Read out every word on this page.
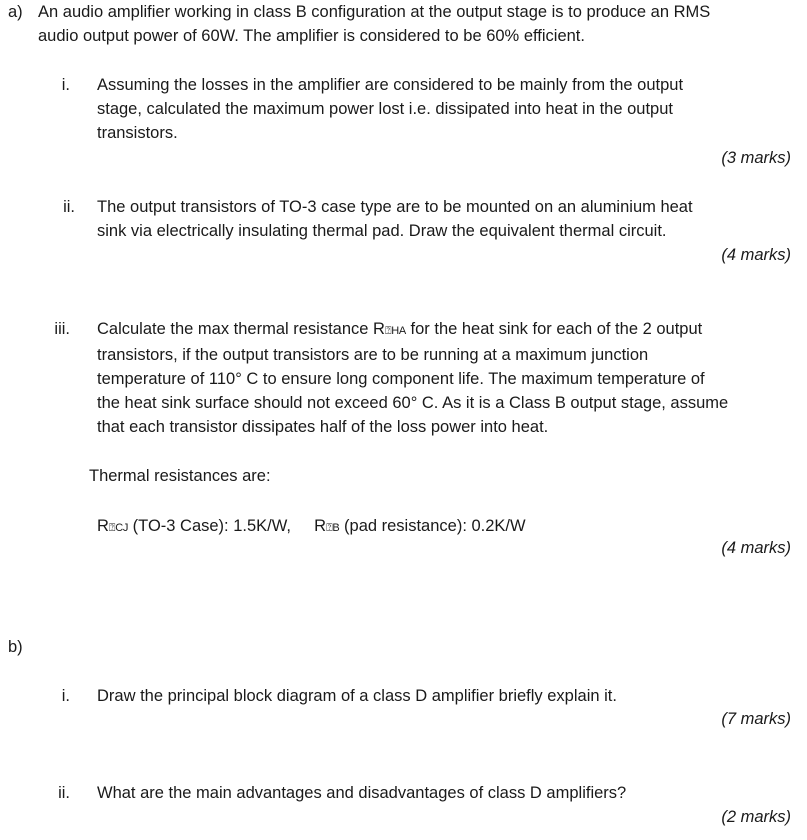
a) An audio amplifier working in class B configuration at the output stage is to produce an RMS
audio output power of 60W. The amplifier is considered to be 60% efficient.
i. Assuming the losses in the amplifier are considered to be mainly from the output
stage, calculated the maximum power lost i.e. dissipated into heat in the output
transistors.
(3 marks)
ii. The output transistors of TO-3 case type are to be mounted on an aluminium heat
sink via electrically insulating thermal pad. Draw the equivalent thermal circuit.
(4 marks)
iii. Calculate the max thermal resistance R⍰HA for the heat sink for each of the 2 output
transistors, if the output transistors are to be running at a maximum junction
temperature of 110° C to ensure long component life. The maximum temperature of
the heat sink surface should not exceed 60° C. As it is a Class B output stage, assume
that each transistor dissipates half of the loss power into heat.
Thermal resistances are:
R⍰CJ (TO-3 Case): 1.5K/W, R⍰B (pad resistance): 0.2K/W
(4 marks)
b)
i. Draw the principal block diagram of a class D amplifier briefly explain it.
(7 marks)
ii. What are the main advantages and disadvantages of class D amplifiers?
(2 marks)
